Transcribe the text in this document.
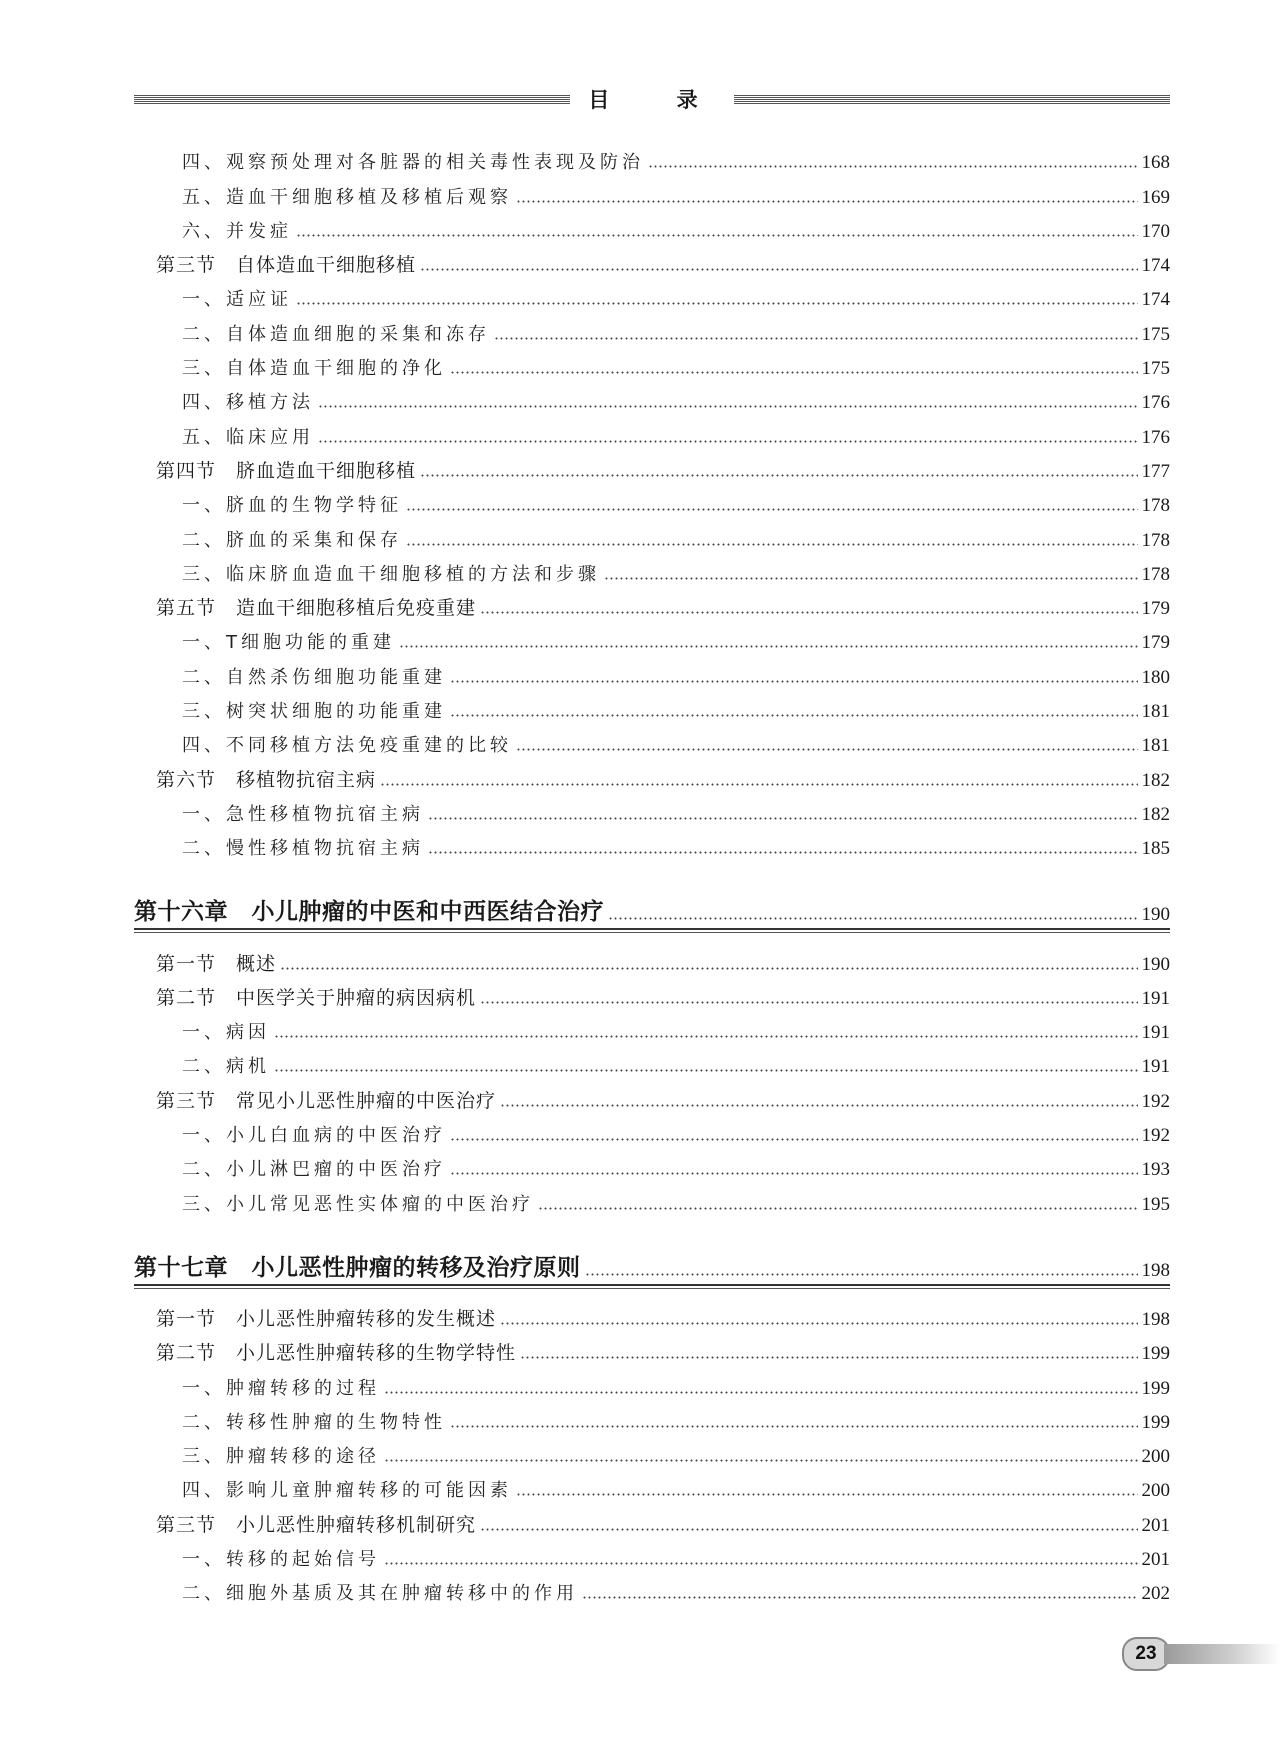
目 录
四、观察预处理对各脏器的相关毒性表现及防治	168
五、造血干细胞移植及移植后观察	169
六、并发症	170
第三节　自体造血干细胞移植	174
一、适应证	174
二、自体造血细胞的采集和冻存	175
三、自体造血干细胞的净化	175
四、移植方法	176
五、临床应用	176
第四节　脐血造血干细胞移植	177
一、脐血的生物学特征	178
二、脐血的采集和保存	178
三、临床脐血造血干细胞移植的方法和步骤	178
第五节　造血干细胞移植后免疫重建	179
一、T细胞功能的重建	179
二、自然杀伤细胞功能重建	180
三、树突状细胞的功能重建	181
四、不同移植方法免疫重建的比较	181
第六节　移植物抗宿主病	182
一、急性移植物抗宿主病	182
二、慢性移植物抗宿主病	185
第十六章　小儿肿瘤的中医和中西医结合治疗	190
第一节　概述	190
第二节　中医学关于肿瘤的病因病机	191
一、病因	191
二、病机	191
第三节　常见小儿恶性肿瘤的中医治疗	192
一、小儿白血病的中医治疗	192
二、小儿淋巴瘤的中医治疗	193
三、小儿常见恶性实体瘤的中医治疗	195
第十七章　小儿恶性肿瘤的转移及治疗原则	198
第一节　小儿恶性肿瘤转移的发生概述	198
第二节　小儿恶性肿瘤转移的生物学特性	199
一、肿瘤转移的过程	199
二、转移性肿瘤的生物特性	199
三、肿瘤转移的途径	200
四、影响儿童肿瘤转移的可能因素	200
第三节　小儿恶性肿瘤转移机制研究	201
一、转移的起始信号	201
二、细胞外基质及其在肿瘤转移中的作用	202
23
